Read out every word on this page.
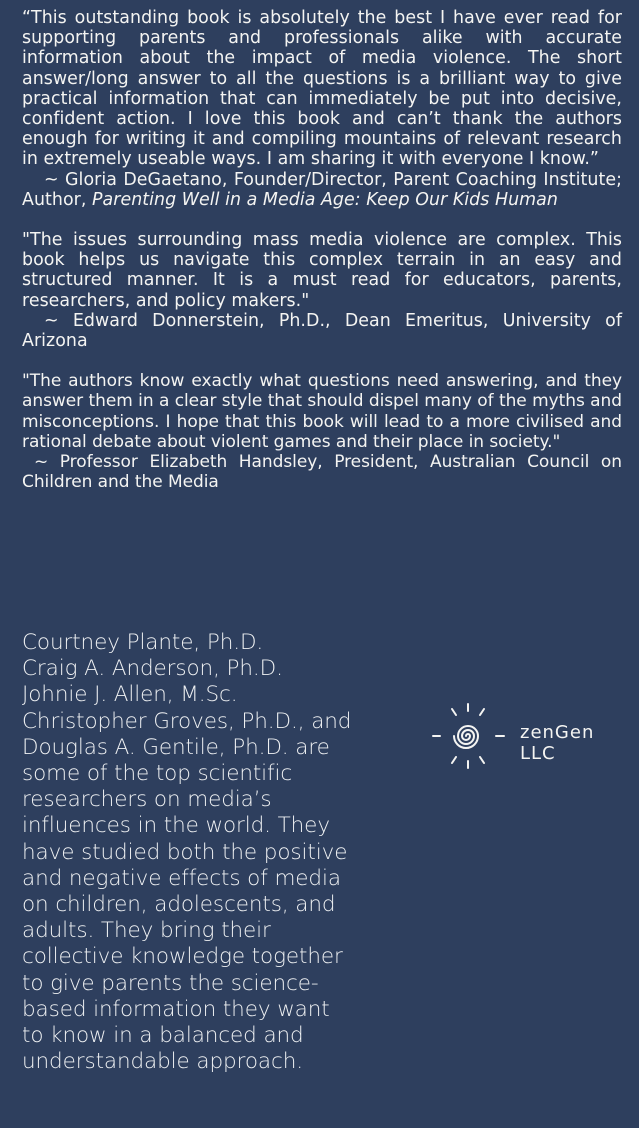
“This outstanding book is absolutely the best I have ever read for supporting parents and professionals alike with accurate information about the impact of media violence. The short answer/long answer to all the questions is a brilliant way to give practical information that can immediately be put into decisive, confident action. I love this book and can’t thank the authors enough for writing it and compiling mountains of relevant research in extremely useable ways. I am sharing it with everyone I know.”

~ Gloria DeGaetano, Founder/Director, Parent Coaching Institute; Author, Parenting Well in a Media Age: Keep Our Kids Human

"The issues surrounding mass media violence are complex. This book helps us navigate this complex terrain in an easy and structured manner. It is a must read for educators, parents, researchers, and policy makers."

~ Edward Donnerstein, Ph.D., Dean Emeritus, University of Arizona

"The authors know exactly what questions need answering, and they answer them in a clear style that should dispel many of the myths and misconceptions. I hope that this book will lead to a more civilised and rational debate about violent games and their place in society."

~ Professor Elizabeth Handsley, President, Australian Council on Children and the Media

Courtney Plante, Ph.D.
Craig A. Anderson, Ph.D.
Johnie J. Allen, M.Sc.
Christopher Groves, Ph.D., and
Douglas A. Gentile, Ph.D. are
some of the top scientific
researchers on media’s
influences in the world. They
have studied both the positive
and negative effects of media
on children, adolescents, and
adults. They bring their
collective knowledge together
to give parents the science-
based information they want
to know in a balanced and
understandable approach.
zenGen LLC
